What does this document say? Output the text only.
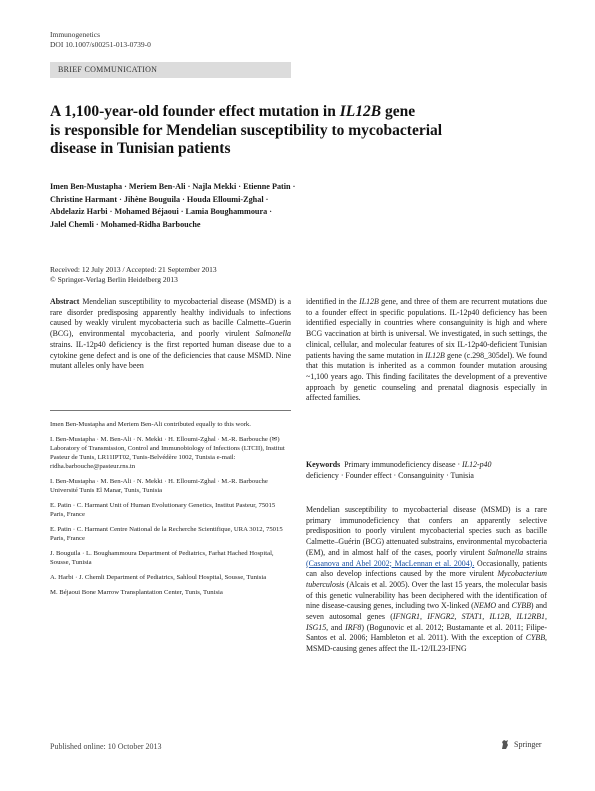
Immunogenetics
DOI 10.1007/s00251-013-0739-0
BRIEF COMMUNICATION
A 1,100-year-old founder effect mutation in IL12B gene
is responsible for Mendelian susceptibility to mycobacterial
disease in Tunisian patients
Imen Ben-Mustapha · Meriem Ben-Ali · Najla Mekki · Etienne Patin ·
Christine Harmant · Jihène Bouguila · Houda Elloumi-Zghal ·
Abdelaziz Harbi · Mohamed Béjaoui · Lamia Boughammoura ·
Jalel Chemli · Mohamed-Ridha Barbouche
Received: 12 July 2013 / Accepted: 21 September 2013
© Springer-Verlag Berlin Heidelberg 2013

Abstract Mendelian susceptibility to mycobacterial disease (MSMD) is a rare disorder predisposing apparently healthy individuals to infections caused by weakly virulent mycobacteria such as bacille Calmette–Guerin (BCG), environmental mycobacteria, and poorly virulent Salmonella strains. IL-12p40 deficiency is the first reported human disease due to a cytokine gene defect and is one of the deficiencies that cause MSMD. Nine mutant alleles only have been

Imen Ben-Mustapha and Meriem Ben-Ali contributed equally to this work.

I. Ben-Mustapha · M. Ben-Ali · N. Mekki · H. Elloumi-Zghal · M.-R. Barbouche (✉) Laboratory of Transmission, Control and Immunobiology of Infections (LTCII), Institut Pasteur de Tunis, LR11IPT02, Tunis-Belvédère 1002, Tunisia e-mail: ridha.barbouche@pasteur.rns.tn

I. Ben-Mustapha · M. Ben-Ali · N. Mekki · H. Elloumi-Zghal · M.-R. Barbouche Université Tunis El Manar, Tunis, Tunisia

E. Patin · C. Harmant Unit of Human Evolutionary Genetics, Institut Pasteur, 75015 Paris, France

E. Patin · C. Harmant Centre National de la Recherche Scientifique, URA 3012, 75015 Paris, France

J. Bouguila · L. Boughammoura Department of Pediatrics, Farhat Hached Hospital, Sousse, Tunisia

A. Harbi · J. Chemli Department of Pediatrics, Sahloul Hospital, Sousse, Tunisia

M. Béjaoui Bone Marrow Transplantation Center, Tunis, Tunisia

identified in the IL12B gene, and three of them are recurrent mutations due to a founder effect in specific populations. IL-12p40 deficiency has been identified especially in countries where consanguinity is high and where BCG vaccination at birth is universal. We investigated, in such settings, the clinical, cellular, and molecular features of six IL-12p40-deficient Tunisian patients having the same mutation in IL12B gene (c.298_305del). We found that this mutation is inherited as a common founder mutation arousing ~1,100 years ago. This finding facilitates the development of a preventive approach by genetic counseling and prenatal diagnosis especially in affected families.

Keywords Primary immunodeficiency disease · IL12-p40
deficiency · Founder effect · Consanguinity · Tunisia

Mendelian susceptibility to mycobacterial disease (MSMD) is a rare primary immunodeficiency that confers an apparently selective predisposition to poorly virulent mycobacterial species such as bacille Calmette–Guérin (BCG) attenuated substrains, environmental mycobacteria (EM), and in almost half of the cases, poorly virulent Salmonella strains (Casanova and Abel 2002; MacLennan et al. 2004). Occasionally, patients can also develop infections caused by the more virulent Mycobacterium tuberculosis (Alcais et al. 2005). Over the last 15 years, the molecular basis of this genetic vulnerability has been deciphered with the identification of nine disease-causing genes, including two X-linked (NEMO and CYBB) and seven autosomal genes (IFNGR1, IFNGR2, STAT1, IL12B, IL12RB1, ISG15, and IRF8) (Bogunovic et al. 2012; Bustamante et al. 2011; Filipe-Santos et al. 2006; Hambleton et al. 2011). With the exception of CYBB, MSMD-causing genes affect the IL-12/IL23-IFNG

Published online: 10 October 2013	Springer
